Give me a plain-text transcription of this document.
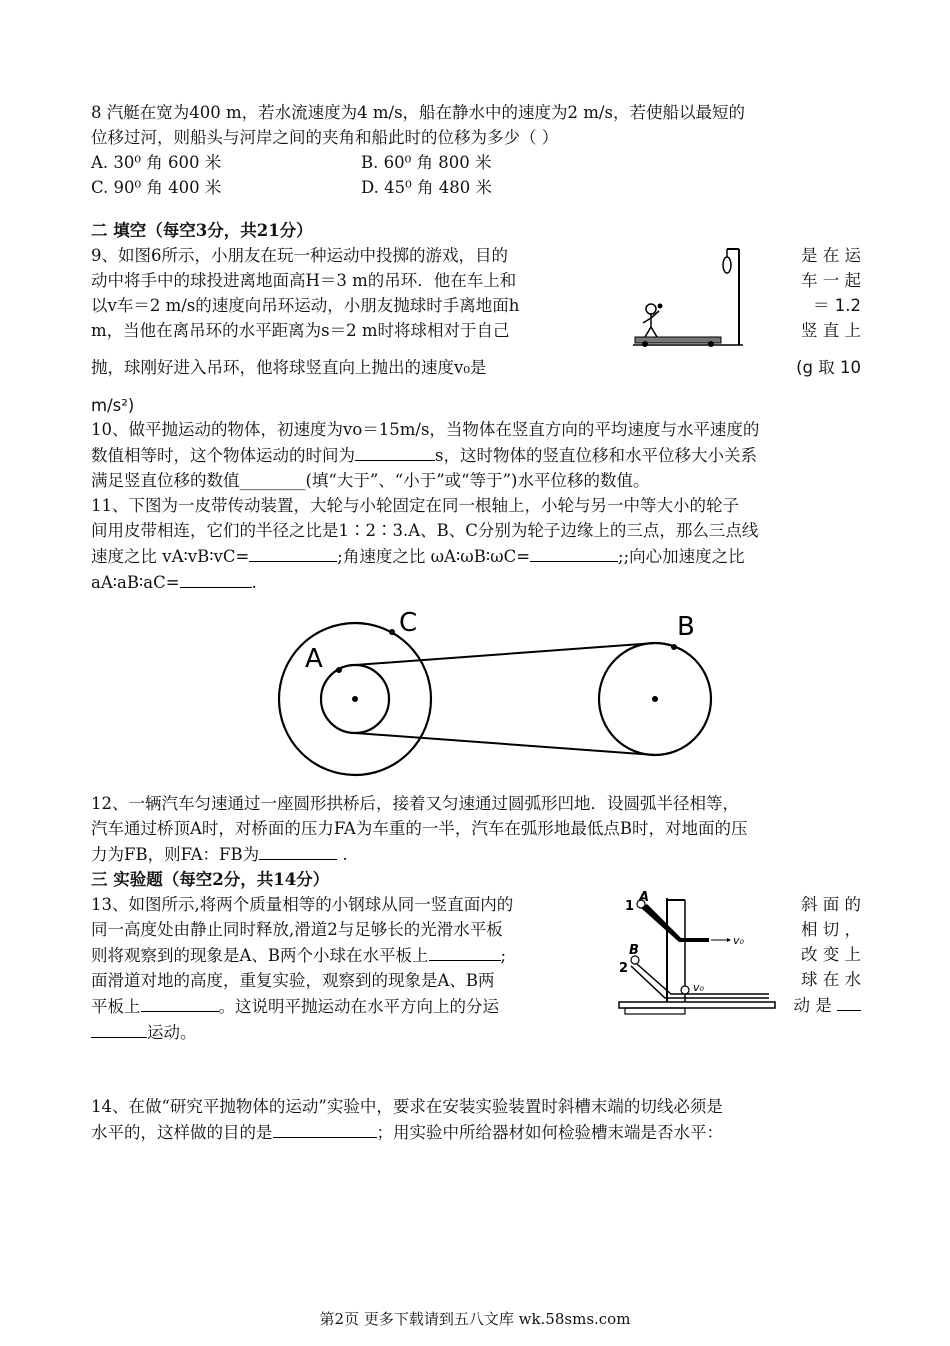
8 汽艇在宽为400 m，若水流速度为4 m/s，船在静水中的速度为2 m/s，若使船以最短的

位移过河，则船头与河岸之间的夹角和船此时的位移为多少（ ）

A. 30⁰ 角 600 米	B. 60⁰ 角 800 米
C. 90⁰ 角 400 米	D. 45⁰ 角 480 米

二 填空（每空3分，共21分）

9、如图6所示，小朋友在玩一种运动中投掷的游戏，目的

动中将手中的球投进离地面高H＝3 m的吊环．他在车上和

以v车＝2 m/s的速度向吊环运动，小朋友抛球时手离地面h

m，当他在离吊环的水平距离为s＝2 m时将球相对于自己

抛，球刚好进入吊环，他将球竖直向上抛出的速度v₀是

是 在 运

车 一 起

＝ 1.2

竖 直 上

(g 取 10

m/s²)

10、做平抛运动的物体，初速度为vo＝15m/s，当物体在竖直方向的平均速度与水平速度的

数值相等时，这个物体运动的时间为	s，这时物体的竖直位移和水平位移大小关系

满足竖直位移的数值________(填“大于”、“小于”或“等于”)水平位移的数值。

11、下图为一皮带传动装置，大轮与小轮固定在同一根轴上，小轮与另一中等大小的轮子

间用皮带相连，它们的半径之比是1∶2∶3.A、B、C分别为轮子边缘上的三点，那么三点线

速度之比 vA∶vB∶vC=	;角速度之比 ωA∶ωB∶ωC=	;;向心加速度之比

aA∶aB∶aC=	.

A
C	B

12、一辆汽车匀速通过一座圆形拱桥后，接着又匀速通过圆弧形凹地．设圆弧半径相等，

汽车通过桥顶A时，对桥面的压力FA为车重的一半，汽车在弧形地最低点B时，对地面的压

力为FB，则FA：FB为	.

三 实验题（每空2分，共14分）

13、如图所示,将两个质量相等的小钢球从同一竖直面内的

同一高度处由静止同时释放,滑道2与足够长的光滑水平板

则将观察到的现象是A、B两个小球在水平板上	;

面滑道对地的高度，重复实验，观察到的现象是A、B两

平板上	。这说明平抛运动在水平方向上的分运

运动。

1
A
2
B
v₀
v₀

斜 面 的

相 切 ，

改 变 上

球 在 水

动 是

14、在做“研究平抛物体的运动”实验中，要求在安装实验装置时斜槽末端的切线必须是

水平的，这样做的目的是	；用实验中所给器材如何检验槽末端是否水平：

第2页 更多下载请到五八文库 wk.58sms.com
